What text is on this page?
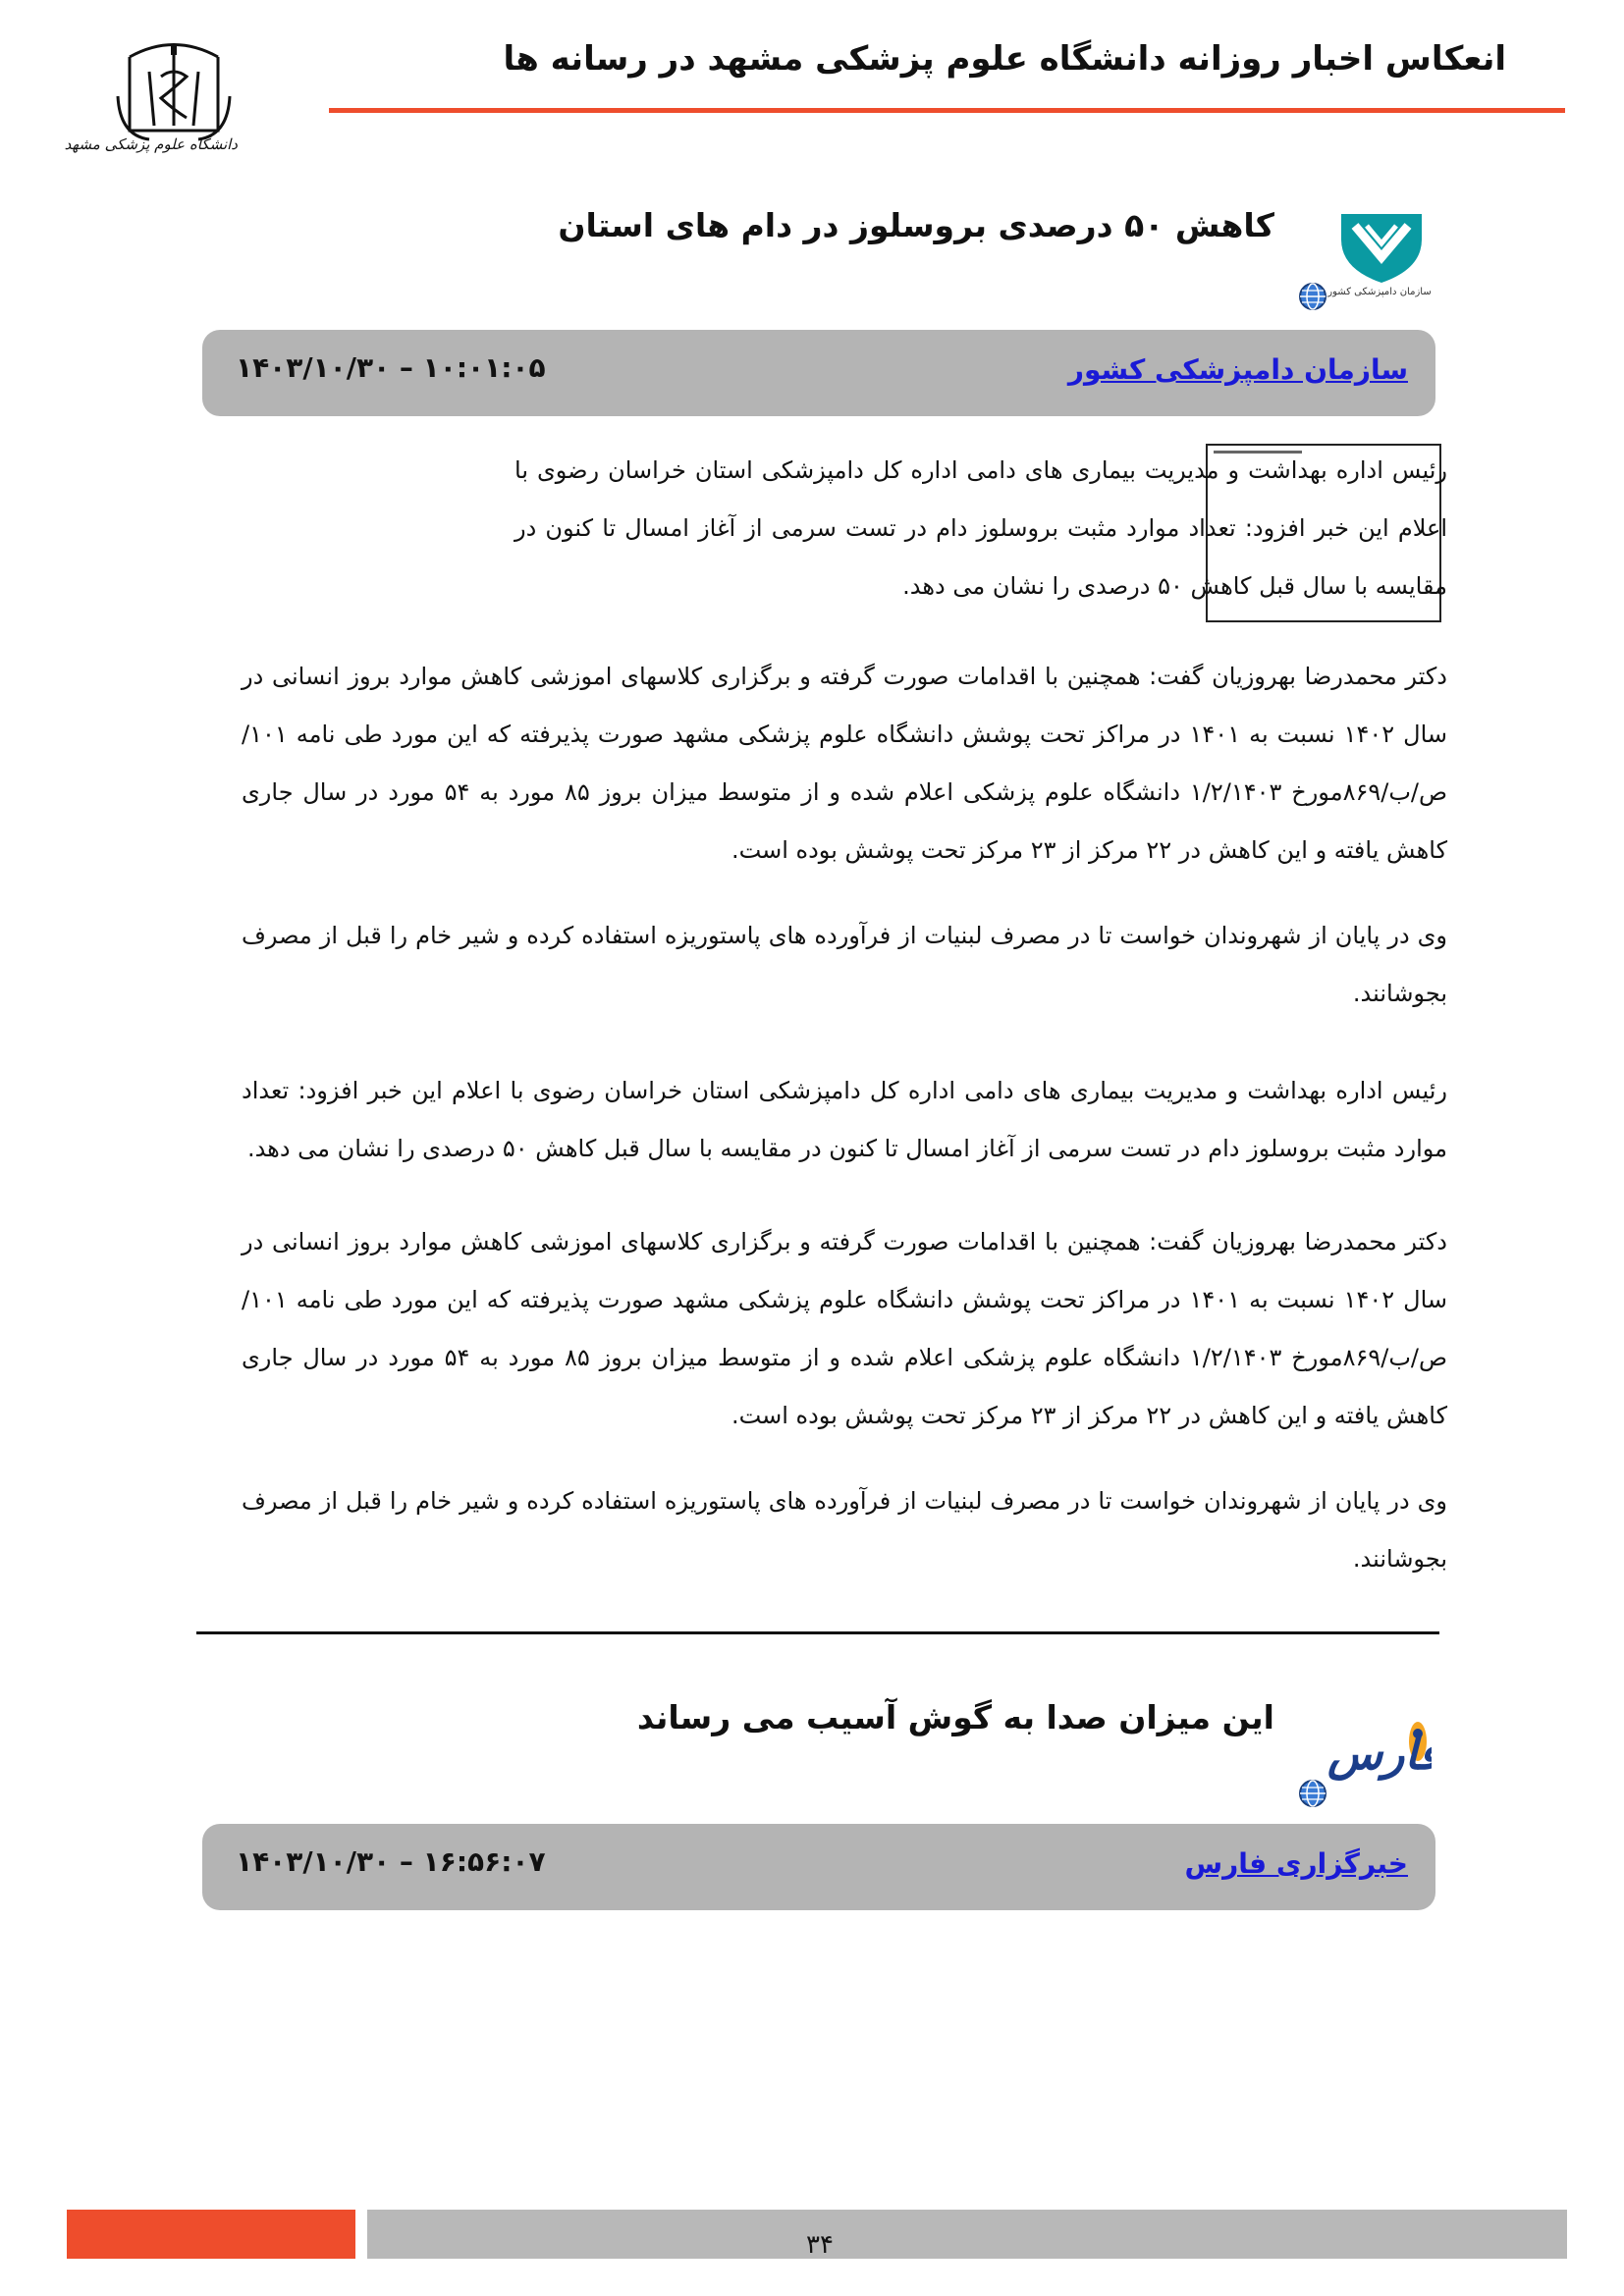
انعکاس اخبار روزانه دانشگاه علوم پزشکی مشهد در رسانه ها
دانشگاه علوم پزشکی مشهد
کاهش ۵۰ درصدی بروسلوز در دام های استان
سازمان دامپزشکی کشور
سازمان دامپزشکی کشور
۱۴۰۳/۱۰/۳۰ – ۱۰:۰۱:۰۵
رئیس اداره بهداشت و مدیریت بیماری های دامی اداره کل دامپزشکی استان خراسان رضوی با اعلام این خبر افزود: تعداد موارد مثبت بروسلوز دام در تست سرمی از آغاز امسال تا کنون در مقایسه با سال قبل کاهش ۵۰ درصدی را نشان می دهد.
دکتر محمدرضا بهروزیان گفت: همچنین با اقدامات صورت گرفته و برگزاری کلاسهای اموزشی کاهش موارد بروز انسانی در سال ۱۴۰۲ نسبت به ۱۴۰۱ در مراکز تحت پوشش دانشگاه علوم پزشکی مشهد صورت پذیرفته که این مورد طی نامه ۱۰۱/ص/ب/۸۶۹مورخ ۱/۲/۱۴۰۳ دانشگاه علوم پزشکی اعلام شده و از متوسط میزان بروز ۸۵ مورد به ۵۴ مورد در سال جاری کاهش یافته و این کاهش در ۲۲ مرکز از ۲۳ مرکز تحت پوشش بوده است.
وی در پایان از شهروندان خواست تا در مصرف لبنیات از فرآورده های پاستوریزه استفاده کرده و شیر خام را قبل از مصرف بجوشانند.
رئیس اداره بهداشت و مدیریت بیماری های دامی اداره کل دامپزشکی استان خراسان رضوی با اعلام این خبر افزود: تعداد موارد مثبت بروسلوز دام در تست سرمی از آغاز امسال تا کنون در مقایسه با سال قبل کاهش ۵۰ درصدی را نشان می دهد.
دکتر محمدرضا بهروزیان گفت: همچنین با اقدامات صورت گرفته و برگزاری کلاسهای اموزشی کاهش موارد بروز انسانی در سال ۱۴۰۲ نسبت به ۱۴۰۱ در مراکز تحت پوشش دانشگاه علوم پزشکی مشهد صورت پذیرفته که این مورد طی نامه ۱۰۱/ص/ب/۸۶۹مورخ ۱/۲/۱۴۰۳ دانشگاه علوم پزشکی اعلام شده و از متوسط میزان بروز ۸۵ مورد به ۵۴ مورد در سال جاری کاهش یافته و این کاهش در ۲۲ مرکز از ۲۳ مرکز تحت پوشش بوده است.
وی در پایان از شهروندان خواست تا در مصرف لبنیات از فرآورده های پاستوریزه استفاده کرده و شیر خام را قبل از مصرف بجوشانند.
این میزان صدا به گوش آسیب می رساند
فارس
خبرگزاری فارس
۱۴۰۳/۱۰/۳۰ – ۱۶:۵۶:۰۷
۳۴
